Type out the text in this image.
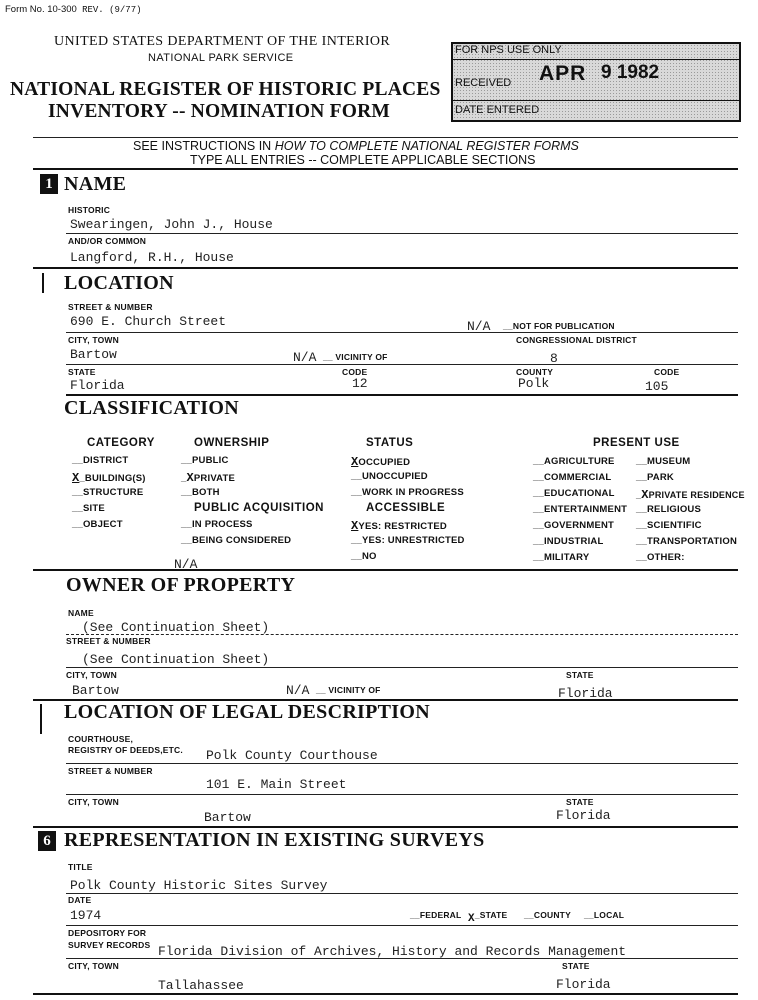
Form No. 10-300 REV. (9/77)
UNITED STATES DEPARTMENT OF THE INTERIOR
NATIONAL PARK SERVICE
NATIONAL REGISTER OF HISTORIC PLACES
INVENTORY -- NOMINATION FORM
FOR NPS USE ONLY
RECEIVED APR 9 1982
DATE ENTERED
SEE INSTRUCTIONS IN HOW TO COMPLETE NATIONAL REGISTER FORMS
TYPE ALL ENTRIES -- COMPLETE APPLICABLE SECTIONS
1 NAME
HISTORIC
Swearingen, John J., House
AND/OR COMMON
Langford, R.H., House
LOCATION
STREET & NUMBER
690 E. Church Street	N/A __NOT FOR PUBLICATION
CITY, TOWN	CONGRESSIONAL DISTRICT
Bartow	N/A __ VICINITY OF	8
STATE	CODE	COUNTY	CODE
Florida	12	Polk	105
CLASSIFICATION
CATEGORY
__DISTRICT
X_BUILDING(S)
__STRUCTURE
__SITE
__OBJECT
OWNERSHIP
__PUBLIC
_XPRIVATE
__BOTH
PUBLIC ACQUISITION
__IN PROCESS
__BEING CONSIDERED
N/A
STATUS
XOCCUPIED
__UNOCCUPIED
__WORK IN PROGRESS
ACCESSIBLE
XYES: RESTRICTED
__YES: UNRESTRICTED
__NO
PRESENT USE
__AGRICULTURE
__COMMERCIAL
__EDUCATIONAL
__ENTERTAINMENT
__GOVERNMENT
__INDUSTRIAL
__MILITARY
__MUSEUM
__PARK
_XPRIVATE RESIDENCE
__RELIGIOUS
__SCIENTIFIC
__TRANSPORTATION
__OTHER:
OWNER OF PROPERTY
NAME
(See Continuation Sheet)
STREET & NUMBER
(See Continuation Sheet)
CITY, TOWN	STATE
Bartow	N/A __ VICINITY OF	Florida
LOCATION OF LEGAL DESCRIPTION
COURTHOUSE,
REGISTRY OF DEEDS,ETC. Polk County Courthouse
STREET & NUMBER
101 E. Main Street
CITY, TOWN	STATE
Bartow	Florida
6 REPRESENTATION IN EXISTING SURVEYS
TITLE
Polk County Historic Sites Survey
DATE
1974	__FEDERAL X_STATE __COUNTY __LOCAL
DEPOSITORY FOR
SURVEY RECORDS Florida Division of Archives, History and Records Management
CITY, TOWN	STATE
Tallahassee	Florida
